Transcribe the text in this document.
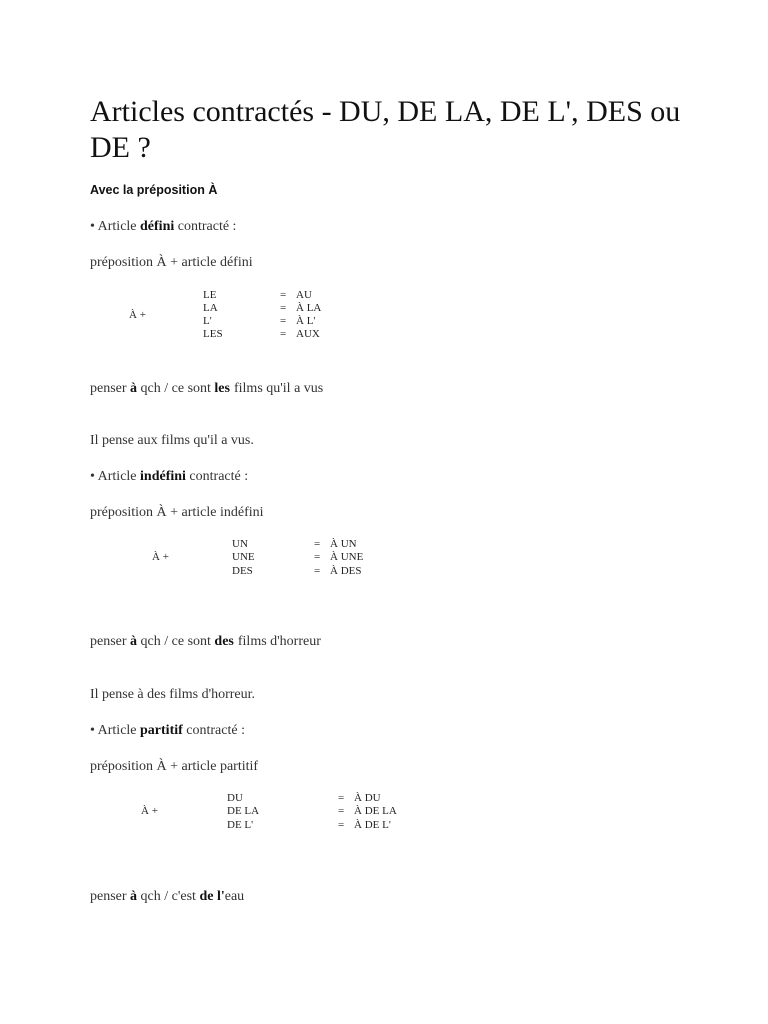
Articles contractés - DU, DE LA, DE L', DES ou DE ?
Avec la préposition À
• Article défini contracté :
préposition À + article défini
À +
LE	= AU
LA	= À LA
L'	= À L'
LES	= AUX
penser à qch / ce sont les films qu'il a vus
Il pense aux films qu'il a vus.
• Article indéfini contracté :
préposition À + article indéfini
À +
UN	= À UN
UNE	= À UNE
DES	= À DES
penser à qch / ce sont des films d'horreur
Il pense à des films d'horreur.
• Article partitif contracté :
préposition À + article partitif
À +
DU	= À DU
DE LA	= À DE LA
DE L'	= À DE L'
penser à qch / c'est de l'eau
